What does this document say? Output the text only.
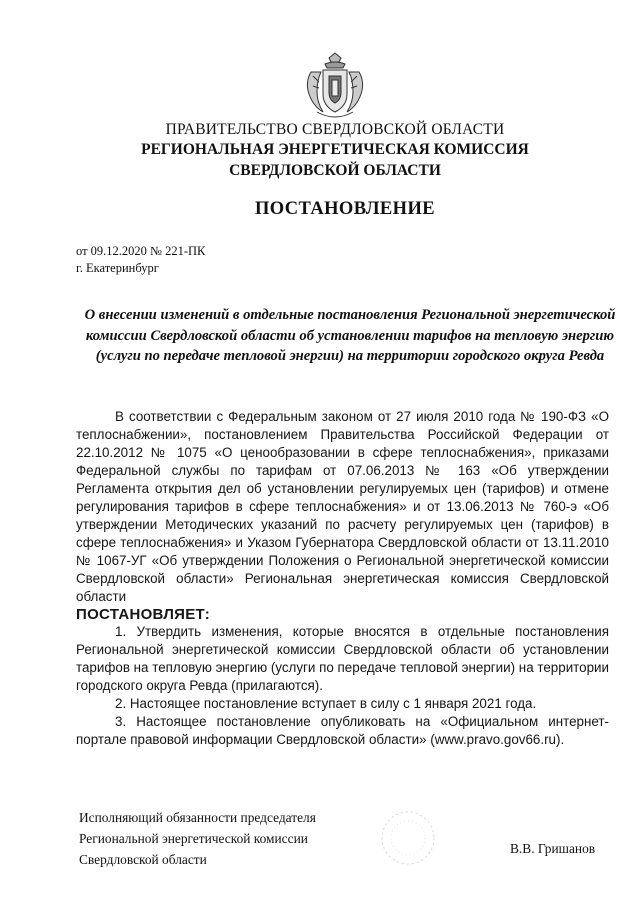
ПРАВИТЕЛЬСТВО СВЕРДЛОВСКОЙ ОБЛАСТИ
РЕГИОНАЛЬНАЯ ЭНЕРГЕТИЧЕСКАЯ КОМИССИЯ
СВЕРДЛОВСКОЙ ОБЛАСТИ
ПОСТАНОВЛЕНИЕ
от 09.12.2020 № 221-ПК
г. Екатеринбург
О внесении изменений в отдельные постановления Региональной энергетической комиссии Свердловской области об установлении тарифов на тепловую энергию (услуги по передаче тепловой энергии) на территории городского округа Ревда

В соответствии с Федеральным законом от 27 июля 2010 года № 190-ФЗ «О теплоснабжении», постановлением Правительства Российской Федерации от 22.10.2012 № 1075 «О ценообразовании в сфере теплоснабжения», приказами Федеральной службы по тарифам от 07.06.2013 № 163 «Об утверждении Регламента открытия дел об установлении регулируемых цен (тарифов) и отмене регулирования тарифов в сфере теплоснабжения» и от 13.06.2013 № 760-э «Об утверждении Методических указаний по расчету регулируемых цен (тарифов) в сфере теплоснабжения» и Указом Губернатора Свердловской области от 13.11.2010 № 1067-УГ «Об утверждении Положения о Региональной энергетической комиссии Свердловской области» Региональная энергетическая комиссия Свердловской области

ПОСТАНОВЛЯЕТ:

1. Утвердить изменения, которые вносятся в отдельные постановления Региональной энергетической комиссии Свердловской области об установлении тарифов на тепловую энергию (услуги по передаче тепловой энергии) на территории городского округа Ревда (прилагаются).

2. Настоящее постановление вступает в силу с 1 января 2021 года.

3. Настоящее постановление опубликовать на «Официальном интернет-портале правовой информации Свердловской области» (www.pravo.gov66.ru).

Исполняющий обязанности председателя
Региональной энергетической комиссии
Свердловской области
В.В. Гришанов
